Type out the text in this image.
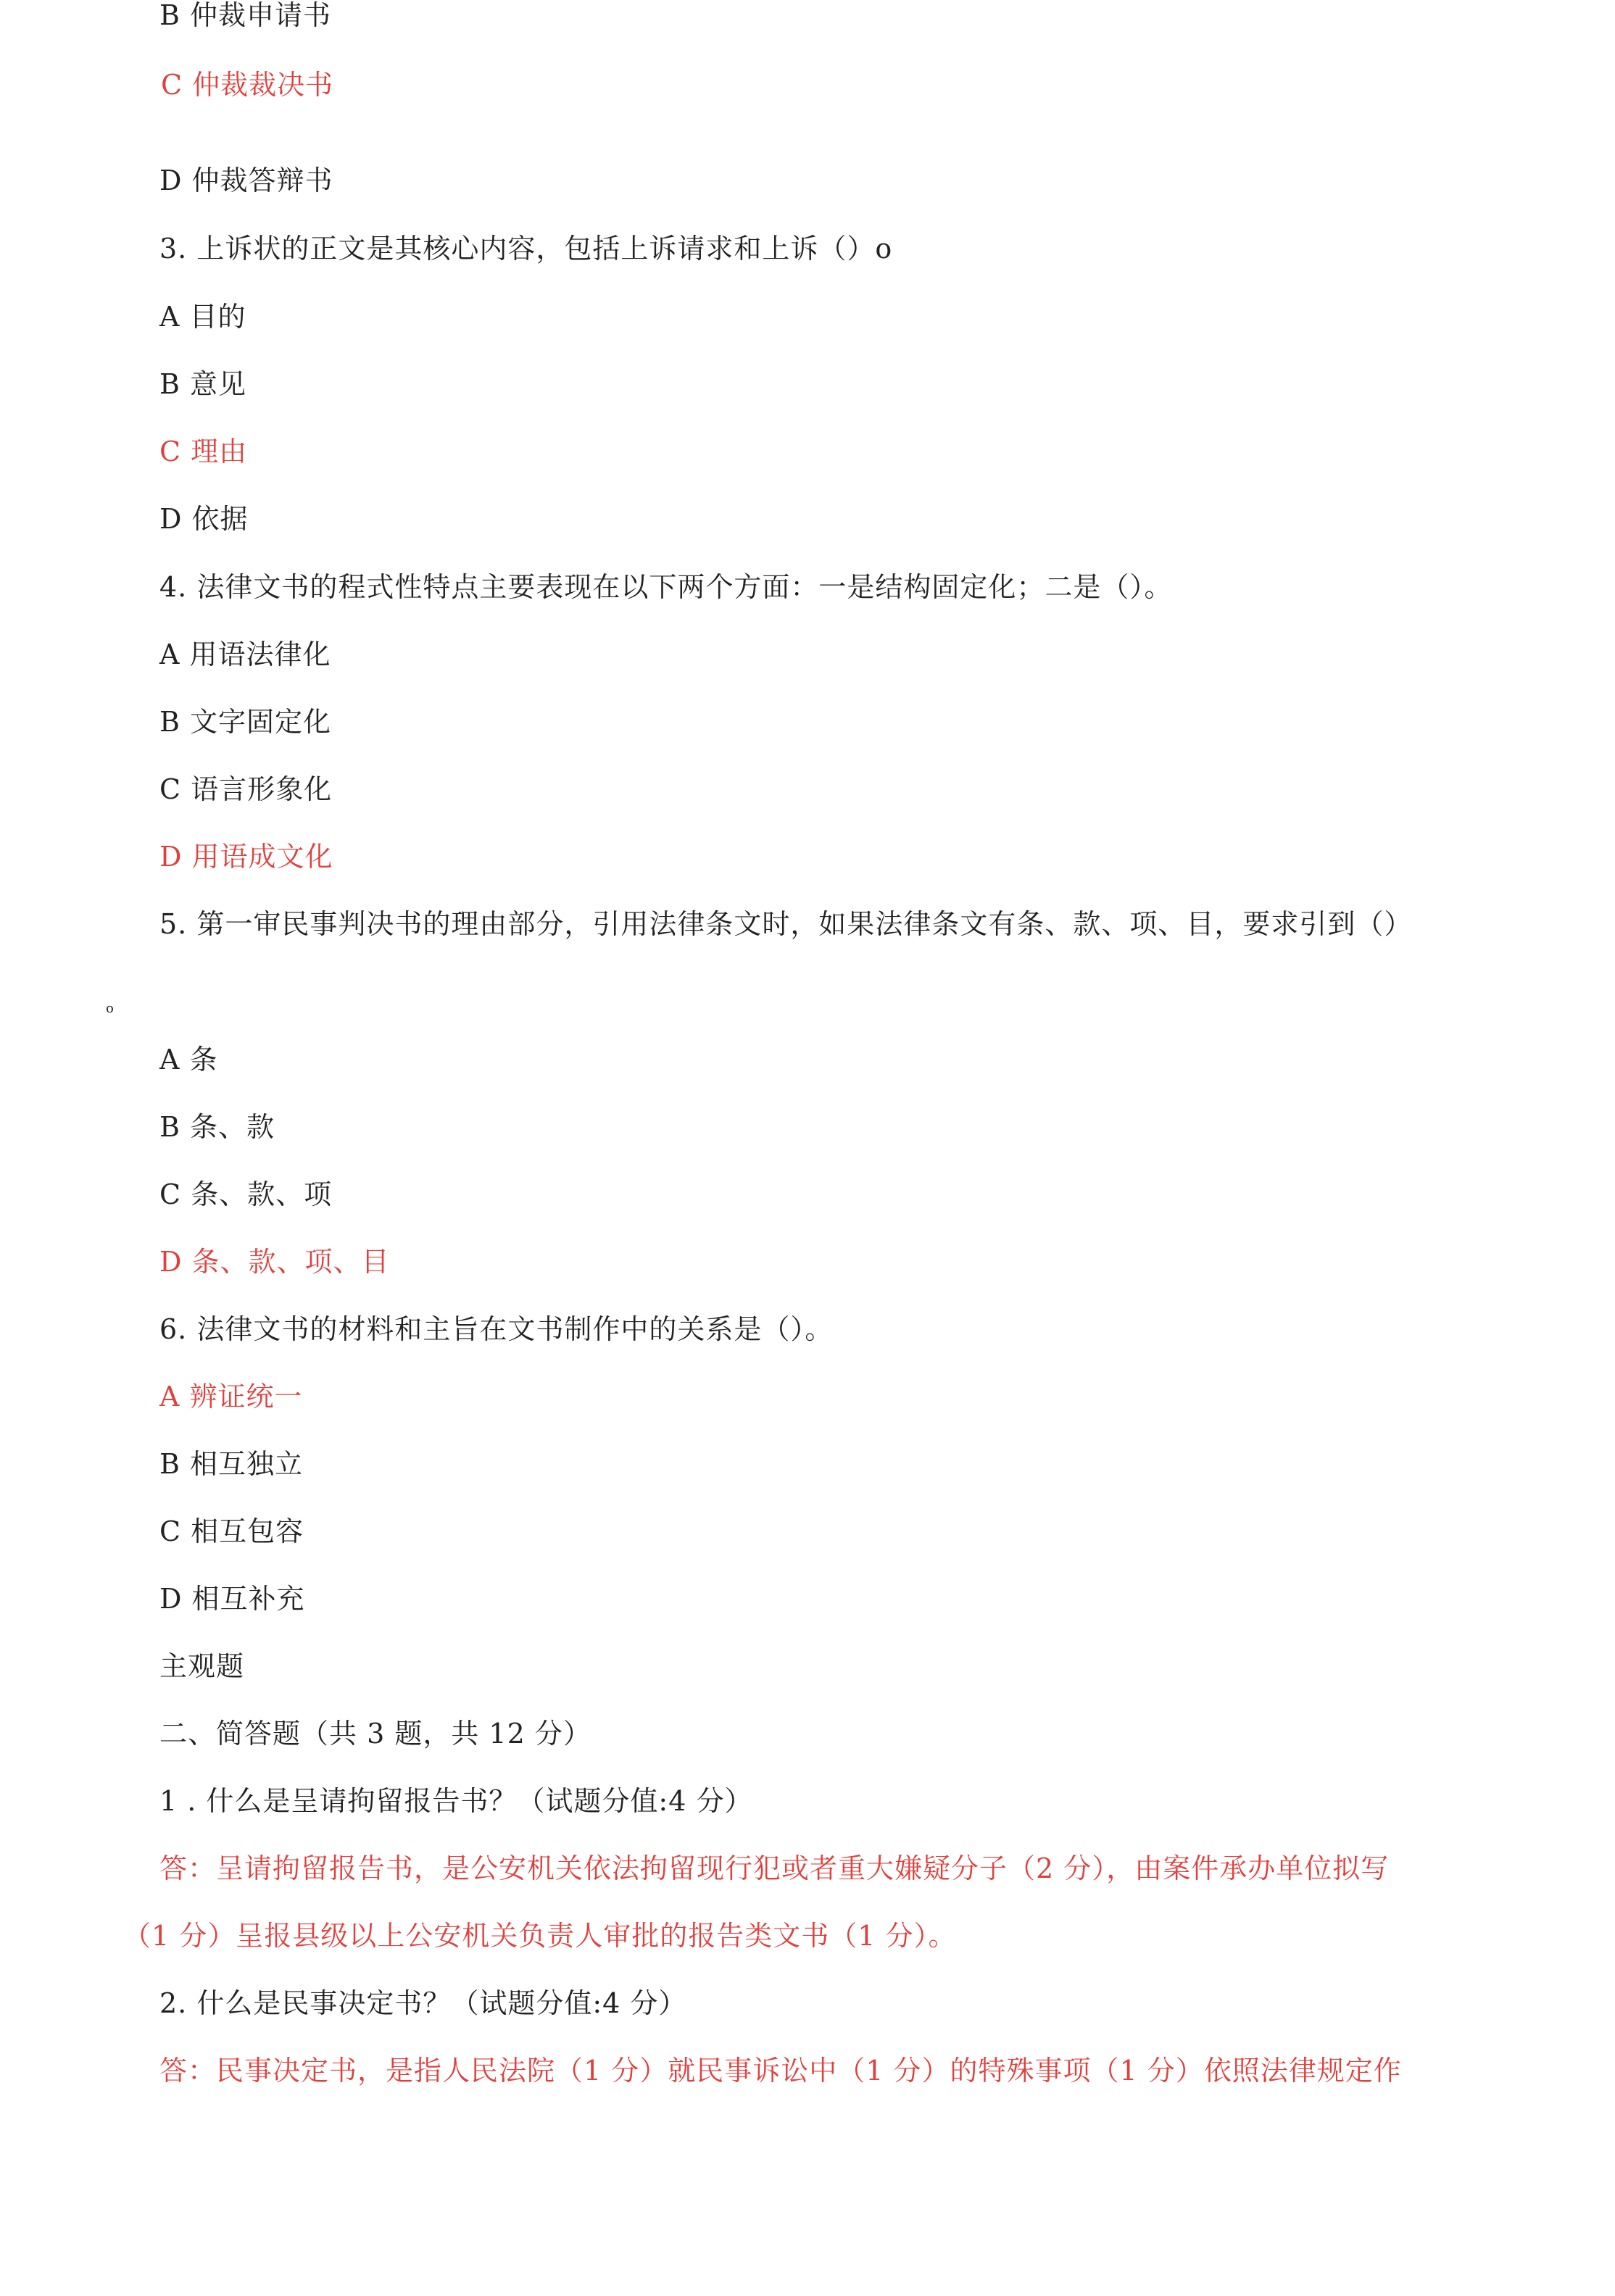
B 仲裁申请书
C 仲裁裁决书
D 仲裁答辩书
3. 上诉状的正文是其核心内容，包括上诉请求和上诉（）o
A 目的
B 意见
C 理由
D 依据
4. 法律文书的程式性特点主要表现在以下两个方面：一是结构固定化；二是（）。
A 用语法律化
B 文字固定化
C 语言形象化
D 用语成文化
5. 第一审民事判决书的理由部分，引用法律条文时，如果法律条文有条、款、项、目，要求引到（）
o
A 条
B 条、款
C 条、款、项
D 条、款、项、目
6. 法律文书的材料和主旨在文书制作中的关系是（）。
A 辨证统一
B 相互独立
C 相互包容
D 相互补充
主观题
二、简答题（共 3 题，共 12 分）
1 . 什么是呈请拘留报告书？（试题分值:4 分）
答：呈请拘留报告书，是公安机关依法拘留现行犯或者重大嫌疑分子（2 分），由案件承办单位拟写
（1 分）呈报县级以上公安机关负责人审批的报告类文书（1 分）。
2. 什么是民事决定书？（试题分值:4 分）
答：民事决定书，是指人民法院（1 分）就民事诉讼中（1 分）的特殊事项（1 分）依照法律规定作
